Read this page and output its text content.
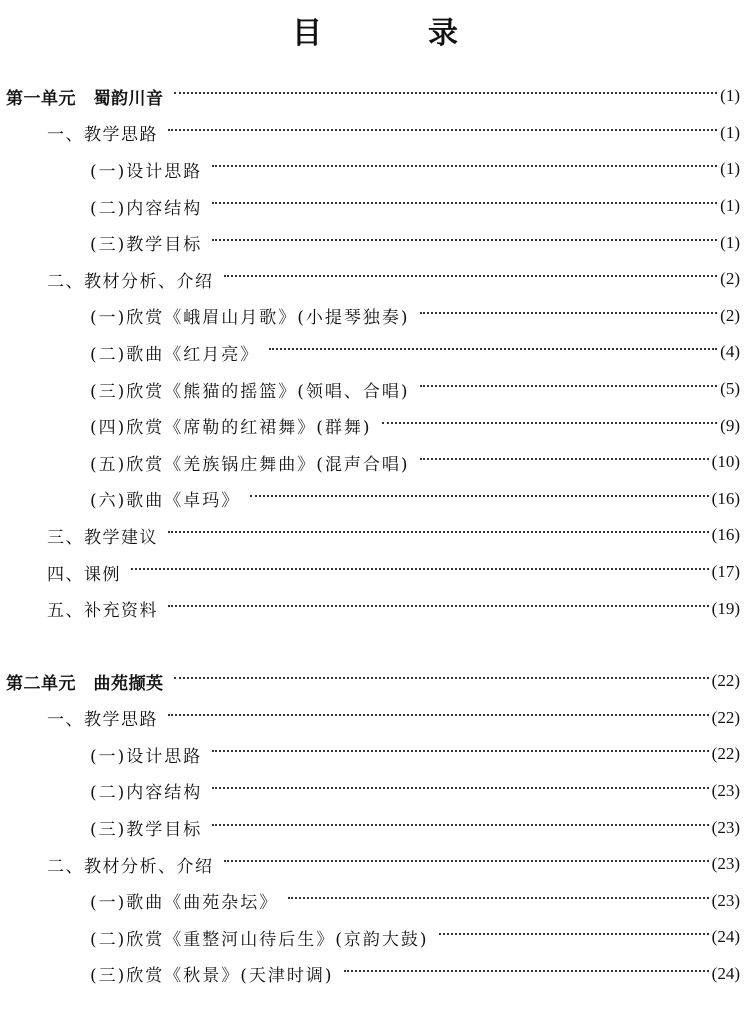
目　录
第一单元　蜀韵川音	(1)
一、教学思路	(1)
(一)设计思路	(1)
(二)内容结构	(1)
(三)教学目标	(1)
二、教材分析、介绍	(2)
(一)欣赏《峨眉山月歌》(小提琴独奏)	(2)
(二)歌曲《红月亮》	(4)
(三)欣赏《熊猫的摇篮》(领唱、合唱)	(5)
(四)欣赏《席勒的红裙舞》(群舞)	(9)
(五)欣赏《羌族锅庄舞曲》(混声合唱)	(10)
(六)歌曲《卓玛》	(16)
三、教学建议	(16)
四、课例	(17)
五、补充资料	(19)
第二单元　曲苑撷英	(22)
一、教学思路	(22)
(一)设计思路	(22)
(二)内容结构	(23)
(三)教学目标	(23)
二、教材分析、介绍	(23)
(一)歌曲《曲苑杂坛》	(23)
(二)欣赏《重整河山待后生》(京韵大鼓)	(24)
(三)欣赏《秋景》(天津时调)	(24)
